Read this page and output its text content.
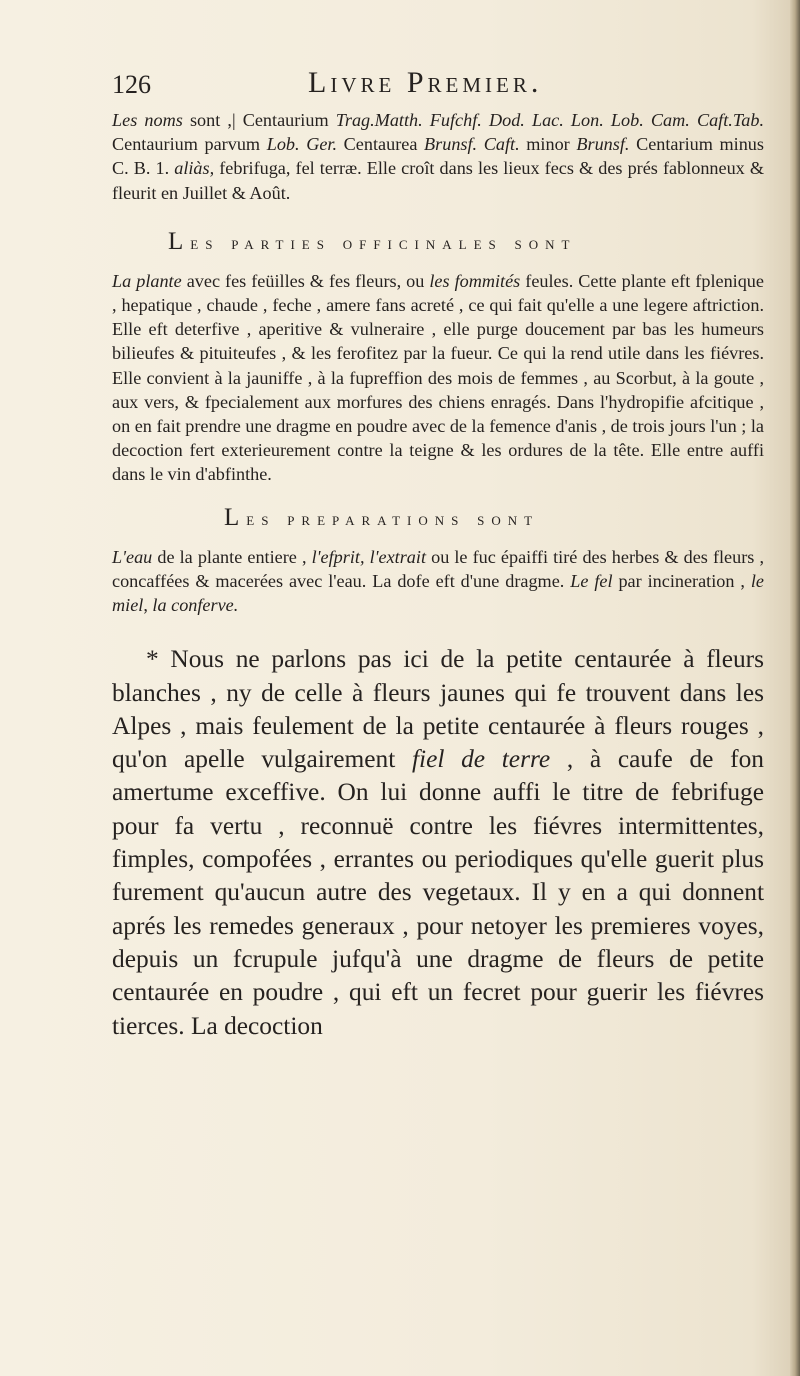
126	Livre Premier.

Les noms sont ,| Centaurium Trag.Matth. Fufchf. Dod. Lac. Lon. Lob. Cam. Caft.Tab. Centaurium parvum Lob. Ger. Centaurea Brunsf. Caft. minor Brunsf. Centarium minus C. B. 1. aliàs, febrifuga, fel terræ. Elle croît dans les lieux fecs & des prés fablonneux & fleurit en Juillet & Août.

Les parties officinales sont

La plante avec fes feüilles & fes fleurs, ou les fommités feules. Cette plante eft fplenique , hepatique , chaude , feche , amere fans acreté , ce qui fait qu'elle a une legere aftriction. Elle eft deterfive , aperitive & vulneraire , elle purge doucement par bas les humeurs bilieufes & pituiteufes , & les ferofitez par la fueur. Ce qui la rend utile dans les fiévres. Elle convient à la jauniffe , à la fupreffion des mois de femmes , au Scorbut, à la goute , aux vers, & fpecialement aux morfures des chiens enragés. Dans l'hydropifie afcitique , on en fait prendre une dragme en poudre avec de la femence d'anis , de trois jours l'un ; la decoction fert exterieurement contre la teigne & les ordures de la tête. Elle entre auffi dans le vin d'abfinthe.

Les preparations sont

L'eau de la plante entiere , l'efprit, l'extrait ou le fuc épaiffi tiré des herbes & des fleurs , concaffées & macerées avec l'eau. La dofe eft d'une dragme. Le fel par incineration , le miel, la conferve.

* Nous ne parlons pas ici de la petite centaurée à fleurs blanches , ny de celle à fleurs jaunes qui fe trouvent dans les Alpes , mais feulement de la petite centaurée à fleurs rouges , qu'on apelle vulgairement fiel de terre , à caufe de fon amertume exceffive. On lui donne auffi le titre de febrifuge pour fa vertu , reconnuë contre les fiévres intermittentes, fimples, compofées , errantes ou periodiques qu'elle guerit plus furement qu'aucun autre des vegetaux. Il y en a qui donnent aprés les remedes generaux , pour netoyer les premieres voyes, depuis un fcrupule jufqu'à une dragme de fleurs de petite centaurée en poudre , qui eft un fecret pour guerir les fiévres tierces. La decoction
